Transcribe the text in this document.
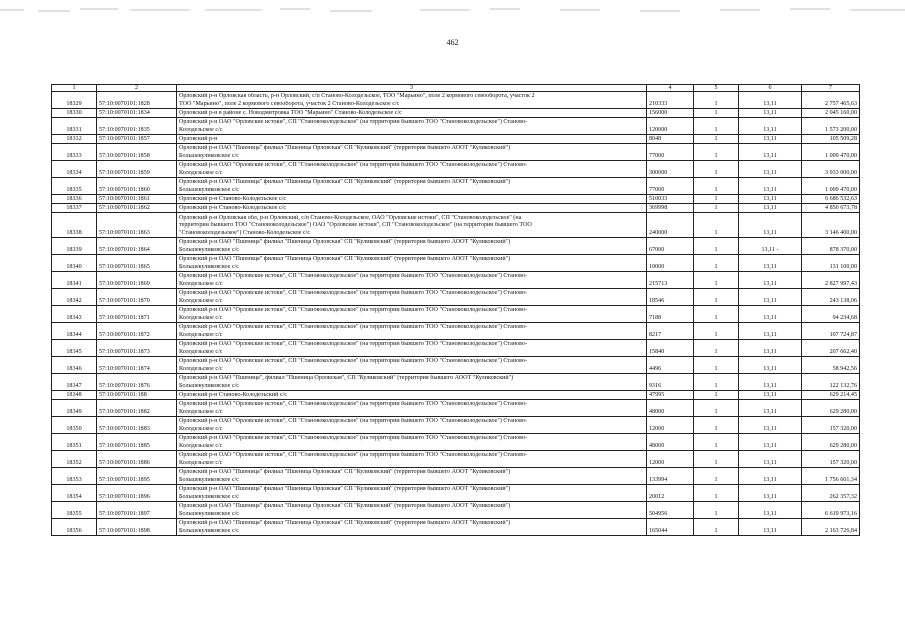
462
1	2	3	4	5	6	7
18329	57:10:0070101:1828	Орловский р-н Орловская область, р-н Орловский, с/п Станово-Колодезьское, ТОО "Марьино", поле 2 кормового севооборота, участок 2
ТОО "Марьино", поле 2 кормового севооборота, участок 2 Станово-Колодезьское с/с	210333	1	13,11	2 757 465,63
18330	57:10:0070101:1834	Орловский р-н в районе с. Новодмитровка ТОО "Марьино" Станово-Колодезьское с/с	156000	1	13,11	2 045 160,00
18331	57:10:0070101:1835	Орловский р-н ОАО "Орловские истоки", СП "Становоколодезьское" (на территории бывшего ТОО "Становоколодезьское") Станово-
Колодезьское с/с	120000	1	13,11	1 573 200,00
18332	57:10:0070101:1857	Орловский р-н	8048	1	13,11	105 509,28
18333	57:10:0070101:1858	Орловский р-н ОАО "Пшеница" филиал "Пшеница Орловская" СП "Куликовский" (территория бывшего АООТ "Куликовский")
Большекуликовское с/с	77000	1	13,11	1 009 470,00
18334	57:10:0070101:1859	Орловский р-н ОАО "Орловские истоки", СП "Становоколодезьское" (на территории бывшего ТОО "Становоколодезьское") Станово-
Колодезьское с/с	300000	1	13,11	3 933 000,00
18335	57:10:0070101:1860	Орловский р-н ОАО "Пшеница" филиал "Пшеница Орловская" СП "Куликовский" (территория бывшего АООТ "Куликовский")
Большекуликовское с/с	77000	1	13,11	1 009 470,00
18336	57:10:0070101:1861	Орловский р-н Станово-Колодезьское с/с	510033	1	13,11	6 686 532,63
18337	57:10:0070101:1862	Орловский р-н Станово-Колодезьское с/с	369998	1	13,11	4 850 673,78
18338	57:10:0070101:1863	Орловский р-н Орловская обл, р-н Орловский, с/п Станово-Колодезьское, ОАО "Орловские истоки", СП "Становоколодезьское" (на
территории бывшего ТОО "Становоколодезьское") ОАО "Орловские истоки", СП "Становоколодезьское" (на территории бывшего ТОО
"Становоколодезьское") Станово-Колодезьское с/с	240000	1	13,11	3 146 400,00
18339	57:10:0070101:1864	Орловский р-н ОАО "Пшеница" филиал "Пшеница Орловская" СП "Куликовский" (территория бывшего АООТ "Куликовский")
Большекуликовское с/с	67000	1	13,11 -	878 370,00
18340	57:10:0070101:1865	Орловский р-н ОАО "Пшеница" филиал "Пшеница Орловская" СП "Куликовский" (территория бывшего АООТ "Куликовский")
Большекуликовское с/с	10000	1	13,11	131 100,00
18341	57:10:0070101:1869	Орловский р-н ОАО "Орловские истоки", СП "Становоколодезьское" (на территории бывшего ТОО "Становоколодезьское") Станово-
Колодезьское с/с	215713	1	13,11	2 827 997,43
18342	57:10:0070101:1870	Орловский р-н ОАО "Орловские истоки", СП "Становоколодезьское" (на территории бывшего ТОО "Становоколодезьское") Станово-
Колодезьское с/с	18546	1	13,11	243 138,06
18343	57:10:0070101:1871	Орловский р-н ОАО "Орловские истоки", СП "Становоколодезьское" (на территории бывшего ТОО "Становоколодезьское") Станово-
Колодезьское с/с	7188	1	13,11	94 234,68
18344	57:10:0070101:1872	Орловский р-н ОАО "Орловские истоки", СП "Становоколодезьское" (на территории бывшего ТОО "Становоколодезьское") Станово-
Колодезьское с/с	8217	1	13,11	107 724,87
18345	57:10:0070101:1873	Орловский р-н ОАО "Орловские истоки", СП "Становоколодезьское" (на территории бывшего ТОО "Становоколодезьское") Станово-
Колодезьское с/с	15840	1	13,11	207 662,40
18346	57:10:0070101:1874	Орловский р-н ОАО "Орловские истоки", СП "Становоколодезьское" (на территории бывшего ТОО "Становоколодезьское") Станово-
Колодезьское с/с	4496	1	13,11	58 942,56
18347	57:10:0070101:1876	Орловский р-н ОАО "Пшеница", филиал "Пшеница Орловская", СП "Куликовский" (территория бывшего АООТ "Куликовский")
Большекуликовское с/с	9316	1	13,11	122 132,76
18348	57:10:0070101:188	Орловский р-н Станово-Колодезьский с/с	47995	1	13,11	629 214,45
18349	57:10:0070101:1882	Орловский р-н ОАО "Орловские истоки", СП "Становоколодезьское" (на территории бывшего ТОО "Становоколодезьское") Станово-
Колодезьское с/с	48000	1	13,11	629 280,00
18350	57:10:0070101:1883	Орловский р-н ОАО "Орловские истоки", СП "Становоколодезьское" (на территории бывшего ТОО "Становоколодезьское") Станово-
Колодезьское с/с	12000	1	13,11	157 320,00
18351	57:10:0070101:1885	Орловский р-н ОАО "Орловские истоки", СП "Становоколодезьское" (на территории бывшего ТОО "Становоколодезьское") Станово-
Колодезьское с/с	48000	1	13,11	629 280,00
18352	57:10:0070101:1886	Орловский р-н ОАО "Орловские истоки", СП "Становоколодезьское" (на территории бывшего ТОО "Становоколодезьское") Станово-
Колодезьское с/с	12000	1	13,11	157 320,00
18353	57:10:0070101:1895	Орловский р-н ОАО "Пшеница" филиал "Пшеница Орловская" СП "Куликовский" (территория бывшего АООТ "Куликовский")
Большекуликовское с/с	133994	1	13,11	1 756 661,34
18354	57:10:0070101:1896	Орловский р-н ОАО "Пшеница" филиал "Пшеница Орловская" СП "Куликовский" (территория бывшего АООТ "Куликовский")
Большекуликовское с/с	20012	1	13,11	262 357,32
18355	57:10:0070101:1897	Орловский р-н ОАО "Пшеница" филиал "Пшеница Орловская" СП "Куликовский" (территория бывшего АООТ "Куликовский")
Большекуликовское с/с	504956	1	13,11	6 619 973,16
18356	57:10:0070101:1898	Орловский р-н ОАО "Пшеница" филиал "Пшеница Орловская" СП "Куликовский" (территория бывшего АООТ "Куликовский")
Большекуликовское с/с	165044	1	13,11	2 163 726,84
